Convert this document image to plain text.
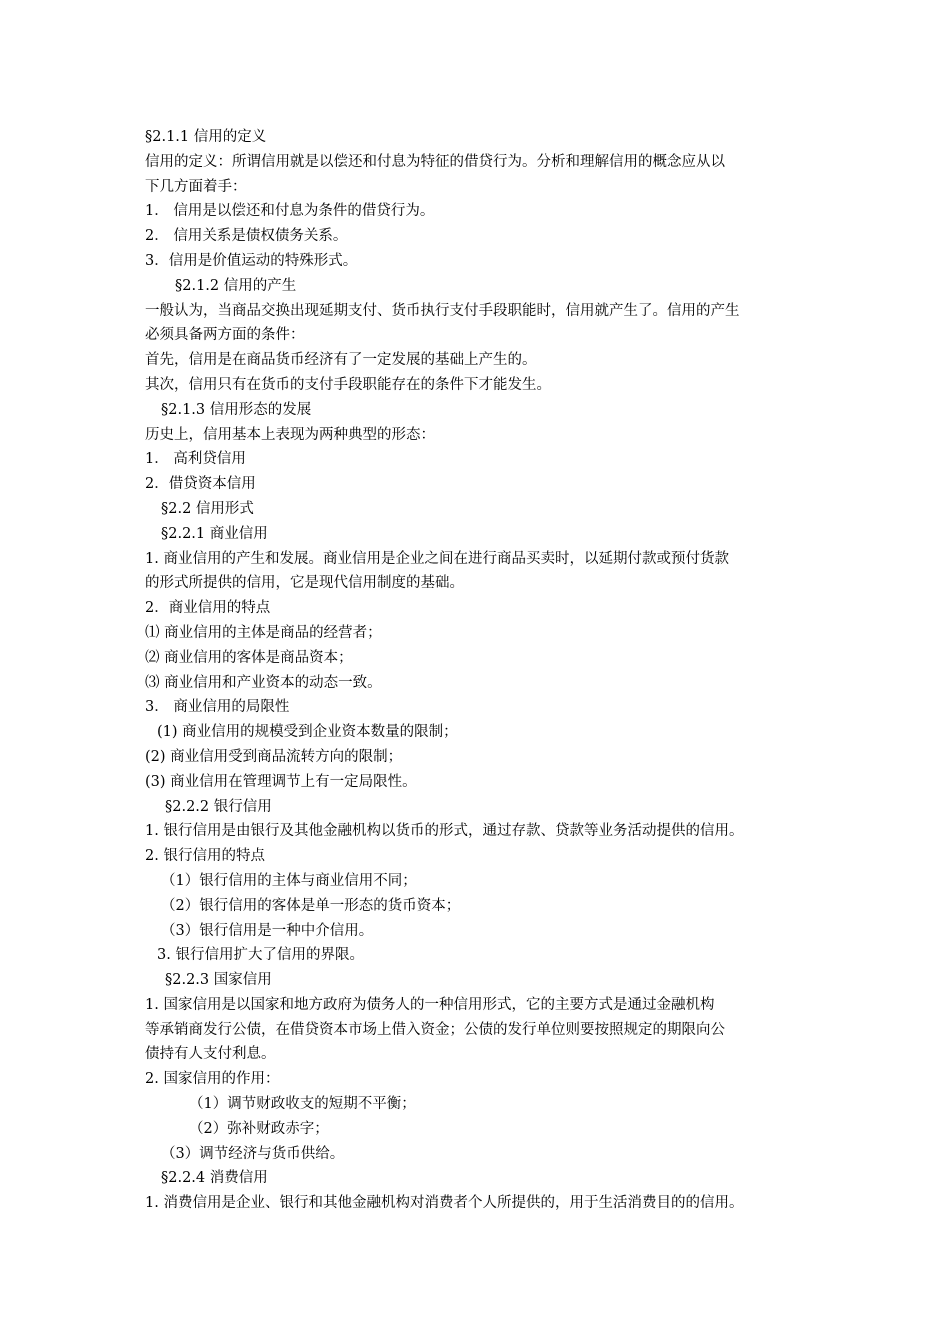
§2.1.1 信用的定义
信用的定义：所谓信用就是以偿还和付息为特征的借贷行为。分析和理解信用的概念应从以
下几方面着手：
1． 信用是以偿还和付息为条件的借贷行为。
2． 信用关系是债权债务关系。
3．信用是价值运动的特殊形式。
§2.1.2 信用的产生
一般认为，当商品交换出现延期支付、货币执行支付手段职能时，信用就产生了。信用的产生
必须具备两方面的条件：
首先，信用是在商品货币经济有了一定发展的基础上产生的。
其次，信用只有在货币的支付手段职能存在的条件下才能发生。
§2.1.3 信用形态的发展
历史上，信用基本上表现为两种典型的形态：
1． 高利贷信用
2．借贷资本信用
§2.2 信用形式
§2.2.1 商业信用
1. 商业信用的产生和发展。商业信用是企业之间在进行商品买卖时，以延期付款或预付货款
的形式所提供的信用，它是现代信用制度的基础。
2．商业信用的特点
⑴ 商业信用的主体是商品的经营者；
⑵ 商业信用的客体是商品资本；
⑶ 商业信用和产业资本的动态一致。
3． 商业信用的局限性
(1) 商业信用的规模受到企业资本数量的限制；
(2) 商业信用受到商品流转方向的限制；
(3) 商业信用在管理调节上有一定局限性。
§2.2.2 银行信用
1. 银行信用是由银行及其他金融机构以货币的形式，通过存款、贷款等业务活动提供的信用。
2. 银行信用的特点
（1）银行信用的主体与商业信用不同；
（2）银行信用的客体是单一形态的货币资本；
（3）银行信用是一种中介信用。
3. 银行信用扩大了信用的界限。
§2.2.3 国家信用
1. 国家信用是以国家和地方政府为债务人的一种信用形式，它的主要方式是通过金融机构
等承销商发行公债，在借贷资本市场上借入资金；公债的发行单位则要按照规定的期限向公
债持有人支付利息。
2. 国家信用的作用：
（1）调节财政收支的短期不平衡；
（2）弥补财政赤字；
（3）调节经济与货币供给。
§2.2.4 消费信用
1. 消费信用是企业、银行和其他金融机构对消费者个人所提供的，用于生活消费目的的信用。
